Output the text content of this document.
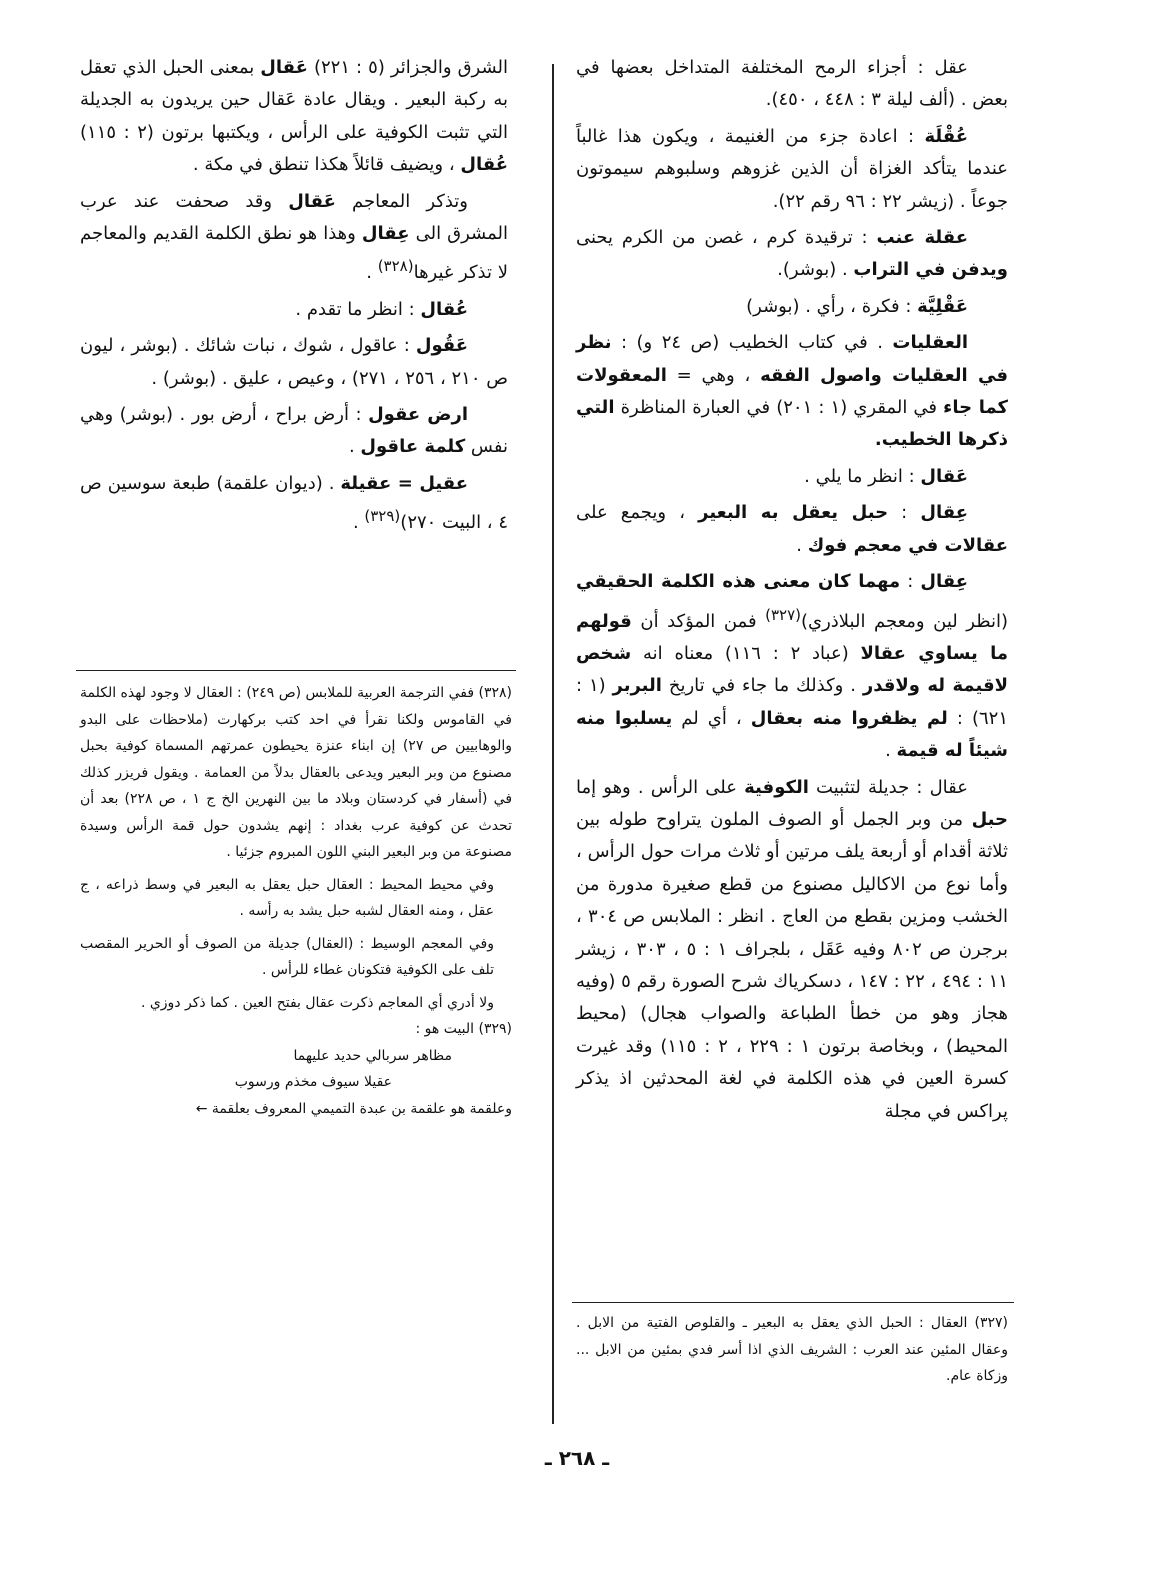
عقل : أجزاء الرمح المختلفة المتداخل بعضها في بعض . (ألف ليلة ٣ : ٤٤٨ ، ٤٥٠).

عُقْلَة : اعادة جزء من الغنيمة ، ويكون هذا غالباً عندما يتأكد الغزاة أن الذين غزوهم وسلبوهم سيموتون جوعاً . (زيشر ٢٢ : ٩٦ رقم ٢٢).

عقلة عنب : ترقيدة كرم ، غصن من الكرم يحنى ويدفن في التراب . (بوشر).

عَقْلِيَّة : فكرة ، رأي . (بوشر)

العقليات . في كتاب الخطيب (ص ٢٤ و) : نظر في العقليات واصول الفقه ، وهي = المعقولات كما جاء في المقري (١ : ٢٠١) في العبارة المناظرة التي ذكرها الخطيب.

عَقال : انظر ما يلي .

عِقال : حبل يعقل به البعير ، ويجمع على عقالات في معجم فوك .

عِقال : مهما كان معنى هذه الكلمة الحقيقي (انظر لين ومعجم البلاذري)$^{(٣٢٧)}$ فمن المؤكد أن قولهم ما يساوي عقالا (عباد ٢ : ١١٦) معناه انه شخص لاقيمة له ولاقدر . وكذلك ما جاء في تاريخ البربر (١ : ٦٢١) : لم يظفروا منه بعقال ، أي لم يسلبوا منه شيئاً له قيمة .

عقال : جديلة لتثبيت الكوفية على الرأس . وهو إما حبل من وبر الجمل أو الصوف الملون يتراوح طوله بين ثلاثة أقدام أو أربعة يلف مرتين أو ثلاث مرات حول الرأس ، وأما نوع من الاكاليل مصنوع من قطع صغيرة مدورة من الخشب ومزين بقطع من العاج . انظر : الملابس ص ٣٠٤ ، برجرن ص ٨٠٢ وفيه عَقَل ، بلجراف ١ : ٥ ، ٣٠٣ ، زيشر ١١ : ٤٩٤ ، ٢٢ : ١٤٧ ، دسكرياك شرح الصورة رقم ٥ (وفيه هجاز وهو من خطأ الطباعة والصواب هجال) (محيط المحيط) ، وبخاصة برتون ١ : ٢٢٩ ، ٢ : ١١٥) وقد غيرت كسرة العين في هذه الكلمة في لغة المحدثين اذ يذكر پراكس في مجلة

(٣٢٧) العقال : الحبل الذي يعقل به البعير ـ والقلوص الفتية من الابل . وعقال المئين عند العرب : الشريف الذي اذا أسر فدي بمئين من الابل ... وزكاة عام.

الشرق والجزائر (٥ : ٢٢١) عَقال بمعنى الحبل الذي تعقل به ركبة البعير . ويقال عادة عَقال حين يريدون به الجديلة التي تثبت الكوفية على الرأس ، ويكتبها برتون (٢ : ١١٥) عُقال ، ويضيف قائلاً هكذا تنطق في مكة .

وتذكر المعاجم عَقال وقد صحفت عند عرب المشرق الى عِقال وهذا هو نطق الكلمة القديم والمعاجم لا تذكر غيرها$^{(٣٢٨)}$ .

عُقال : انظر ما تقدم .

عَقُول : عاقول ، شوك ، نبات شائك . (بوشر ، ليون ص ٢١٠ ، ٢٥٦ ، ٢٧١) ، وعيص ، عليق . (بوشر) .

ارض عقول : أرض براح ، أرض بور . (بوشر) وهي نفس كلمة عاقول .

عقيل = عقيلة . (ديوان علقمة) طبعة سوسين ص ٤ ، البيت ٢٧٠)$^{(٣٢٩)}$ .

(٣٢٨) ففي الترجمة العربية للملابس (ص ٢٤٩) : العقال لا وجود لهذه الكلمة في القاموس ولكنا نقرأ في احد كتب بركهارت (ملاحظات على البدو والوهابيين ص ٢٧) إن ابناء عنزة يحيطون عمرتهم المسماة كوفية بحبل مصنوع من وبر البعير ويدعى بالعقال بدلاً من العمامة . ويقول فريزر كذلك في (أسفار في كردستان وبلاد ما بين النهرين الخ ج ١ ، ص ٢٢٨) بعد أن تحدث عن كوفية عرب بغداد : إنهم يشدون حول قمة الرأس وسيدة مصنوعة من وبر البعير البني اللون المبروم جزئيا .

وفي محيط المحيط : العقال حبل يعقل به البعير في وسط ذراعه ، ج عقل ، ومنه العقال لشبه حبل يشد به رأسه .

وفي المعجم الوسيط : (العقال) جديلة من الصوف أو الحرير المقصب تلف على الكوفية فتكونان غطاء للرأس .

ولا أدري أي المعاجم ذكرت عقال بفتح العين . كما ذكر دوزي .

(٣٢٩) البيت هو :

مظاهر سربالي حديد عليهما

عقيلا سيوف مخذم ورسوب

وعلقمة هو علقمة بن عبدة التميمي المعروف بعلقمة ←

ـ ٢٦٨ ـ
